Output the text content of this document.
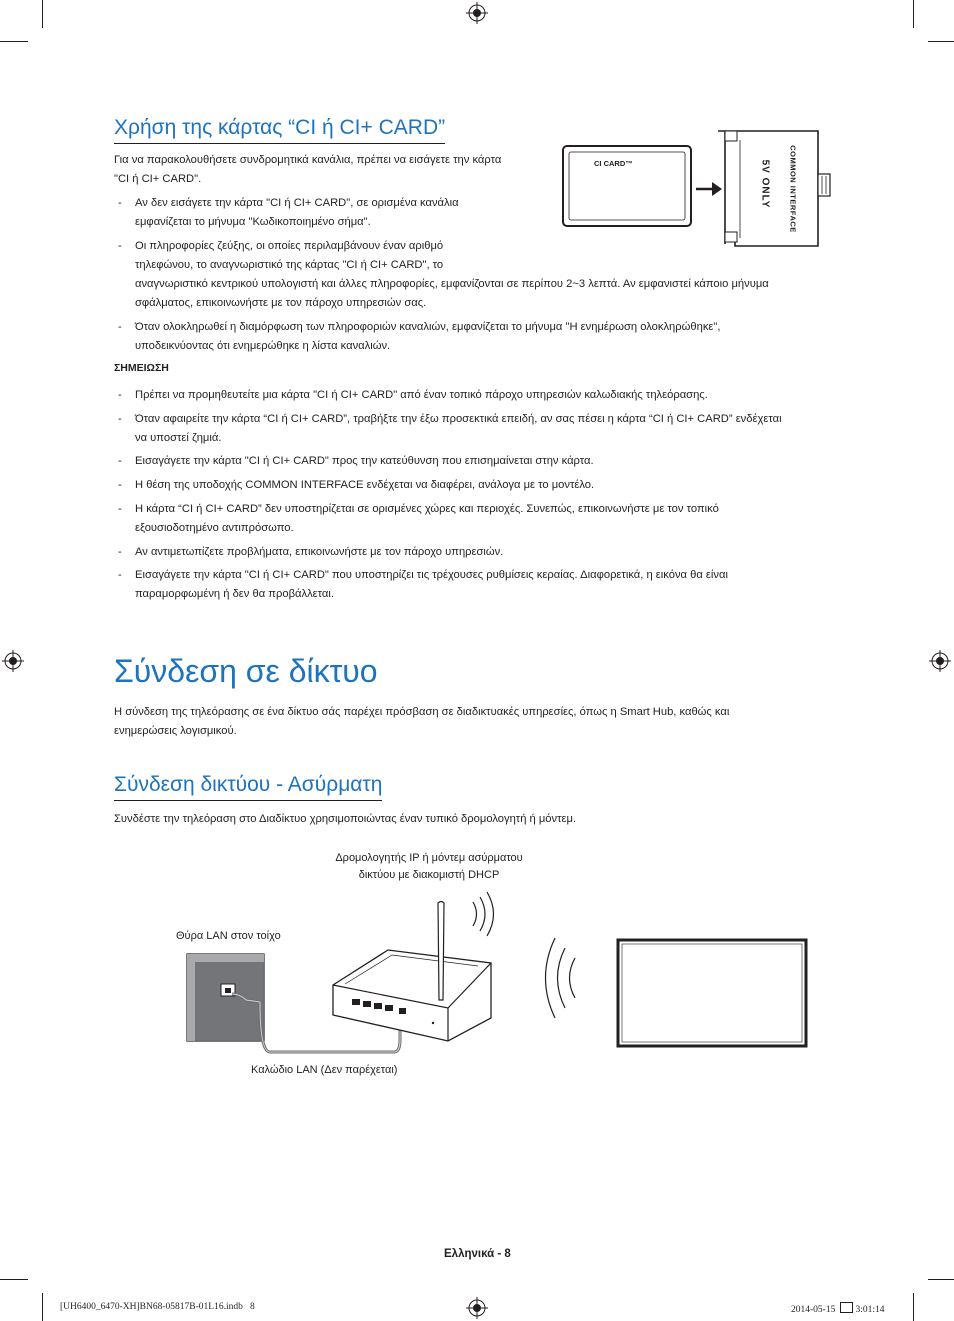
Χρήση της κάρτας “CI ή CI+ CARD”

Για να παρακολουθήσετε συνδρομητικά κανάλια, πρέπει να εισάγετε την κάρτα
"CI ή CI+ CARD".

- Αν δεν εισάγετε την κάρτα "CI ή CI+ CARD", σε ορισμένα κανάλια
εμφανίζεται το μήνυμα "Κωδικοποιημένο σήμα".
- Οι πληροφορίες ζεύξης, οι οποίες περιλαμβάνουν έναν αριθμό
τηλεφώνου, το αναγνωριστικό της κάρτας "CI ή CI+ CARD", το
αναγνωριστικό κεντρικού υπολογιστή και άλλες πληροφορίες, εμφανίζονται σε περίπου 2~3 λεπτά. Αν εμφανιστεί κάποιο μήνυμα
σφάλματος, επικοινωνήστε με τον πάροχο υπηρεσιών σας.
- Όταν ολοκληρωθεί η διαμόρφωση των πληροφοριών καναλιών, εμφανίζεται το μήνυμα "Η ενημέρωση ολοκληρώθηκε",
υποδεικνύοντας ότι ενημερώθηκε η λίστα καναλιών.
ΣΗΜΕΙΩΣΗ
- Πρέπει να προμηθευτείτε μια κάρτα "CI ή CI+ CARD" από έναν τοπικό πάροχο υπηρεσιών καλωδιακής τηλεόρασης.
- Όταν αφαιρείτε την κάρτα “CI ή CI+ CARD”, τραβήξτε την έξω προσεκτικά επειδή, αν σας πέσει η κάρτα “CI ή CI+ CARD” ενδέχεται
να υποστεί ζημιά.
- Εισαγάγετε την κάρτα "CI ή CI+ CARD" προς την κατεύθυνση που επισημαίνεται στην κάρτα.
- Η θέση της υποδοχής COMMON INTERFACE ενδέχεται να διαφέρει, ανάλογα με το μοντέλο.
- Η κάρτα “CI ή CI+ CARD” δεν υποστηρίζεται σε ορισμένες χώρες και περιοχές. Συνεπώς, επικοινωνήστε με τον τοπικό
εξουσιοδοτημένο αντιπρόσωπο.
- Αν αντιμετωπίζετε προβλήματα, επικοινωνήστε με τον πάροχο υπηρεσιών.
- Εισαγάγετε την κάρτα "CI ή CI+ CARD" που υποστηρίζει τις τρέχουσες ρυθμίσεις κεραίας. Διαφορετικά, η εικόνα θα είναι
παραμορφωμένη ή δεν θα προβάλλεται.
CI CARD™	COMMON INTERFACE
5V ONLY
Σύνδεση σε δίκτυο

Η σύνδεση της τηλεόρασης σε ένα δίκτυο σάς παρέχει πρόσβαση σε διαδικτυακές υπηρεσίες, όπως η Smart Hub, καθώς και
ενημερώσεις λογισμικού.

Σύνδεση δικτύου - Ασύρματη

Συνδέστε την τηλεόραση στο Διαδίκτυο χρησιμοποιώντας έναν τυπικό δρομολογητή ή μόντεμ.

Δρομολογητής IP ή μόντεμ ασύρματου
δικτύου με διακομιστή DHCP
Θύρα LAN στον τοίχο
Καλώδιο LAN (Δεν παρέχεται)
Ελληνικά - 8
[UH6400_6470-XH]BN68-05817B-01L16.indb   8	2014-05-15 3:01:14
